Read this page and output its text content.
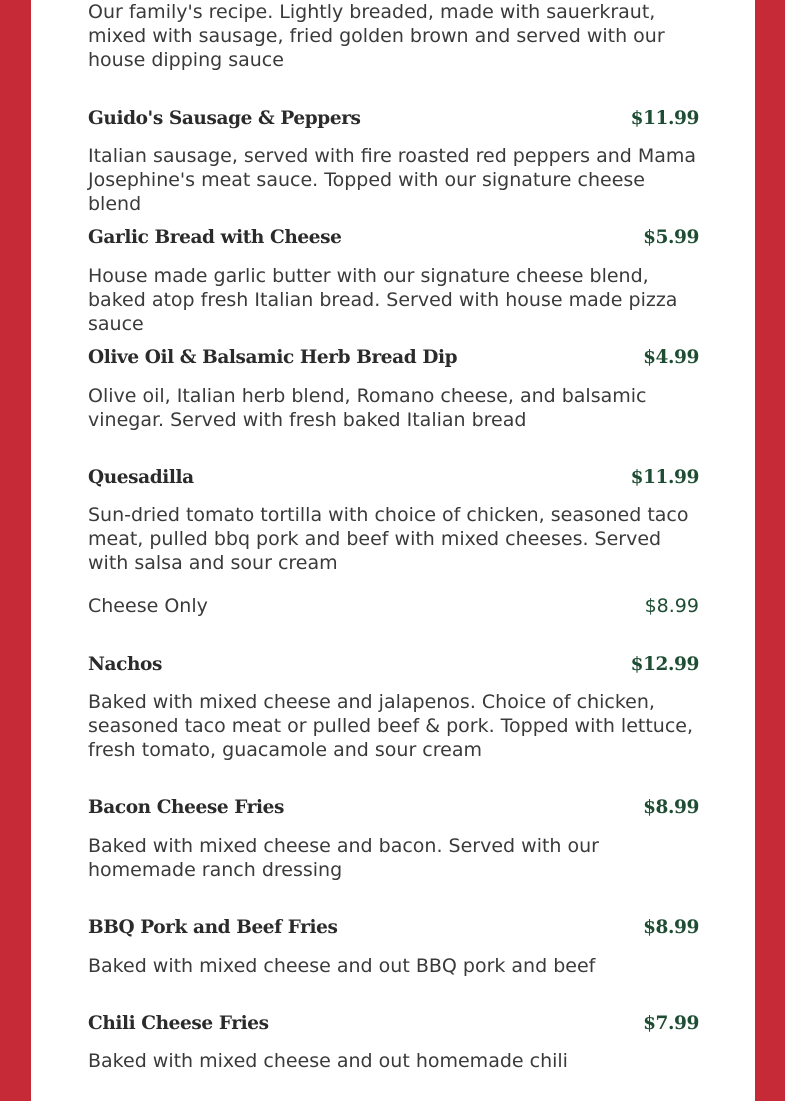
Our family's recipe. Lightly breaded, made with sauerkraut, mixed with sausage, fried golden brown and served with our house dipping sauce

Guido's Sausage & Peppers	$11.99

Italian sausage, served with fire roasted red peppers and Mama Josephine's meat sauce. Topped with our signature cheese blend

Garlic Bread with Cheese	$5.99

House made garlic butter with our signature cheese blend, baked atop fresh Italian bread. Served with house made pizza sauce

Olive Oil & Balsamic Herb Bread Dip	$4.99

Olive oil, Italian herb blend, Romano cheese, and balsamic vinegar. Served with fresh baked Italian bread

Quesadilla	$11.99

Sun-dried tomato tortilla with choice of chicken, seasoned taco meat, pulled bbq pork and beef with mixed cheeses. Served with salsa and sour cream

Cheese Only	$8.99
Nachos	$12.99

Baked with mixed cheese and jalapenos. Choice of chicken, seasoned taco meat or pulled beef & pork. Topped with lettuce, fresh tomato, guacamole and sour cream

Bacon Cheese Fries	$8.99

Baked with mixed cheese and bacon. Served with our homemade ranch dressing

BBQ Pork and Beef Fries	$8.99

Baked with mixed cheese and out BBQ pork and beef

Chili Cheese Fries	$7.99

Baked with mixed cheese and out homemade chili
